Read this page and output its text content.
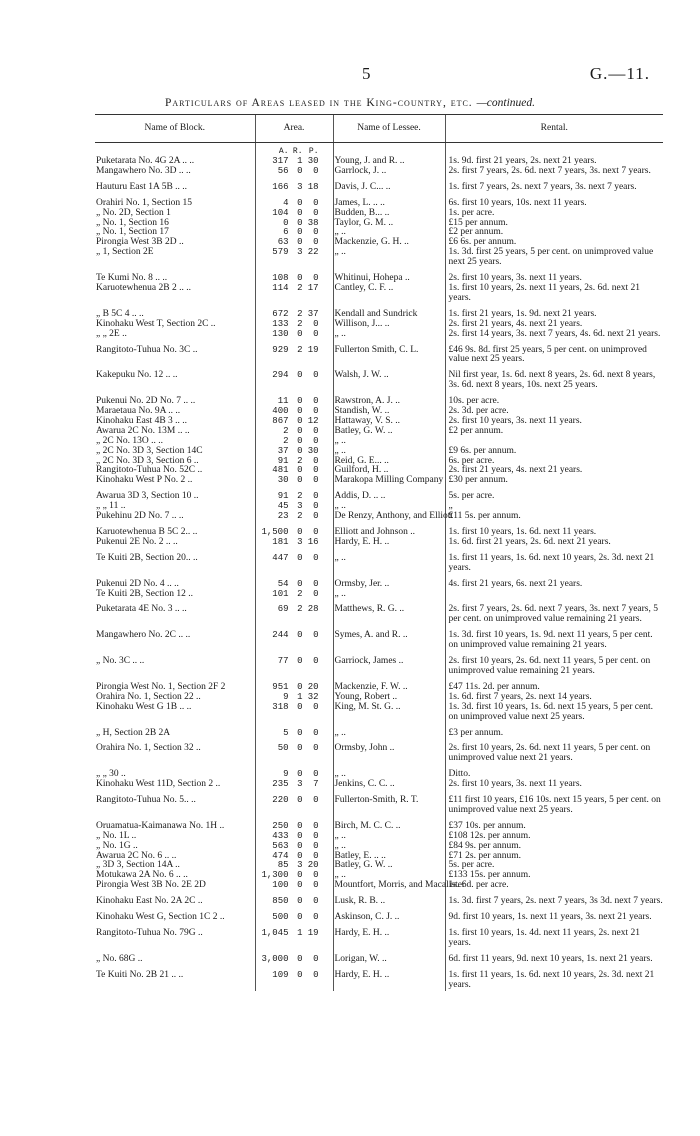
5	G.—11.
Particulars of Areas leased in the King-country, etc. —continued.
Name of Block.	Area.	Name of Lessee.	Rental.
	A. R. P.		
Puketarata No. 4G 2A .. ..	317 1 30	Young, J. and R. ..	1s. 9d. first 21 years, 2s. next 21 years.
Mangawhero No. 3D .. ..	56 0 0	Garrlock, J. ..	2s. first 7 years, 2s. 6d. next 7 years, 3s. next 7 years.
Hauturu East 1A 5B .. ..	166 3 18	Davis, J. C... ..	1s. first 7 years, 2s. next 7 years, 3s. next 7 years.
Orahiri No. 1, Section 15	4 0 0	James, L. .. ..	6s. first 10 years, 10s. next 11 years.
„ No. 2D, Section 1	104 0 0	Budden, B... ..	1s. per acre.
„ No. 1, Section 16	0 0 38	Taylor, G. M. ..	£15 per annum.
„ No. 1, Section 17	6 0 0	„ ..	£2 per annum.
Pirongia West 3B 2D ..	63 0 0	Mackenzie, G. H. ..	£6 6s. per annum.
„ 1, Section 2E	579 3 22	„ ..	1s. 3d. first 25 years, 5 per cent. on unimproved value next 25 years.
Te Kumi No. 8 .. ..	108 0 0	Whitinui, Hohepa ..	2s. first 10 years, 3s. next 11 years.
Karuotewhenua 2B 2 .. ..	114 2 17	Cantley, C. F. ..	1s. first 10 years, 2s. next 11 years, 2s. 6d. next 21 years.
„ B 5C 4 .. ..	672 2 37	Kendall and Sundrick	1s. first 21 years, 1s. 9d. next 21 years.
Kinohaku West T, Section 2C ..	133 2 0	Willison, J... ..	2s. first 21 years, 4s. next 21 years.
„ „ 2E ..	130 0 0	„ ..	2s. first 14 years, 3s. next 7 years, 4s. 6d. next 21 years.
Rangitoto-Tuhua No. 3C ..	929 2 19	Fullerton Smith, C. L.	£46 9s. 8d. first 25 years, 5 per cent. on unimproved value next 25 years.
Kakepuku No. 12 .. ..	294 0 0	Walsh, J. W. ..	Nil first year, 1s. 6d. next 8 years, 2s. 6d. next 8 years, 3s. 6d. next 8 years, 10s. next 25 years.
Pukenui No. 2D No. 7 .. ..	11 0 0	Rawstron, A. J. ..	10s. per acre.
Maraetaua No. 9A .. ..	400 0 0	Standish, W. ..	2s. 3d. per acre.
Kinohaku East 4B 3 .. ..	867 0 12	Hattaway, V. S. ..	2s. first 10 years, 3s. next 11 years.
Awarua 2C No. 13M .. ..	2 0 0	Batley, G. W. ..	£2 per annum.
„ 2C No. 13O .. ..	2 0 0	„ ..	
„ 2C No. 3D 3, Section 14C	37 0 30	„ ..	£9 6s. per annum.
„ 2C No. 3D 3, Section 6 ..	91 2 0	Reid, G. E... ..	6s. per acre.
Rangitoto-Tuhua No. 52C ..	481 0 0	Guilford, H. ..	2s. first 21 years, 4s. next 21 years.
Kinohaku West P No. 2 ..	30 0 0	Marakopa Milling Company	£30 per annum.
Awarua 3D 3, Section 10 ..	91 2 0	Addis, D. .. ..	5s. per acre.
„ „ 11 ..	45 3 0	„ ..	„
Pukehinu 2D No. 7 .. ..	23 2 0	De Renzy, Anthony, and Elliott	£11 5s. per annum.
Karuotewhenua B 5C 2.. ..	1,500 0 0	Elliott and Johnson ..	1s. first 10 years, 1s. 6d. next 11 years.
Pukenui 2E No. 2 .. ..	181 3 16	Hardy, E. H. ..	1s. 6d. first 21 years, 2s. 6d. next 21 years.
Te Kuiti 2B, Section 20.. ..	447 0 0	„ ..	1s. first 11 years, 1s. 6d. next 10 years, 2s. 3d. next 21 years.
Pukenui 2D No. 4 .. ..	54 0 0	Ormsby, Jer. ..	4s. first 21 years, 6s. next 21 years.
Te Kuiti 2B, Section 12 ..	101 2 0	„ ..	
Puketarata 4E No. 3 .. ..	69 2 28	Matthews, R. G. ..	2s. first 7 years, 2s. 6d. next 7 years, 3s. next 7 years, 5 per cent. on unimproved value remaining 21 years.
Mangawhero No. 2C .. ..	244 0 0	Symes, A. and R. ..	1s. 3d. first 10 years, 1s. 9d. next 11 years, 5 per cent. on unimproved value remaining 21 years.
„ No. 3C .. ..	77 0 0	Garriock, James ..	2s. first 10 years, 2s. 6d. next 11 years, 5 per cent. on unimproved value remaining 21 years.
Pirongia West No. 1, Section 2F 2	951 0 20	Mackenzie, F. W. ..	£47 11s. 2d. per annum.
Orahira No. 1, Section 22 ..	9 1 32	Young, Robert ..	1s. 6d. first 7 years, 2s. next 14 years.
Kinohaku West G 1B .. ..	318 0 0	King, M. St. G. ..	1s. 3d. first 10 years, 1s. 6d. next 15 years, 5 per cent. on unimproved value next 25 years.
„ H, Section 2B 2A	5 0 0	„ ..	£3 per annum.
Orahira No. 1, Section 32 ..	50 0 0	Ormsby, John ..	2s. first 10 years, 2s. 6d. next 11 years, 5 per cent. on unimproved value next 21 years.
„ „ 30 ..	9 0 0	„ ..	Ditto.
Kinohaku West 11D, Section 2 ..	235 3 7	Jenkins, C. C. ..	2s. first 10 years, 3s. next 11 years.
Rangitoto-Tuhua No. 5.. ..	220 0 0	Fullerton-Smith, R. T.	£11 first 10 years, £16 10s. next 15 years, 5 per cent. on unimproved value next 25 years.
Oruamatua-Kaimanawa No. 1H ..	250 0 0	Birch, M. C. C. ..	£37 10s. per annum.
„ No. 1L ..	433 0 0	„ ..	£108 12s. per annum.
„ No. 1G ..	563 0 0	„ ..	£84 9s. per annum.
Awarua 2C No. 6 .. ..	474 0 0	Batley, E. .. ..	£71 2s. per annum.
„ 3D 3, Section 14A ..	85 3 20	Batley, G. W. ..	5s. per acre.
Motukawa 2A No. 6 .. ..	1,300 0 0	„ ..	£133 15s. per annum.
Pirongia West 3B No. 2E 2D	100 0 0	Mountfort, Morris, and Macalister	1s. 6d. per acre.
Kinohaku East No. 2A 2C ..	850 0 0	Lusk, R. B. ..	1s. 3d. first 7 years, 2s. next 7 years, 3s 3d. next 7 years.
Kinohaku West G, Section 1C 2 ..	500 0 0	Askinson, C. J. ..	9d. first 10 years, 1s. next 11 years, 3s. next 21 years.
Rangitoto-Tuhua No. 79G ..	1,045 1 19	Hardy, E. H. ..	1s. first 10 years, 1s. 4d. next 11 years, 2s. next 21 years.
„ No. 68G ..	3,000 0 0	Lorigan, W. ..	6d. first 11 years, 9d. next 10 years, 1s. next 21 years.
Te Kuiti No. 2B 21 .. ..	109 0 0	Hardy, E. H. ..	1s. first 11 years, 1s. 6d. next 10 years, 2s. 3d. next 21 years.
